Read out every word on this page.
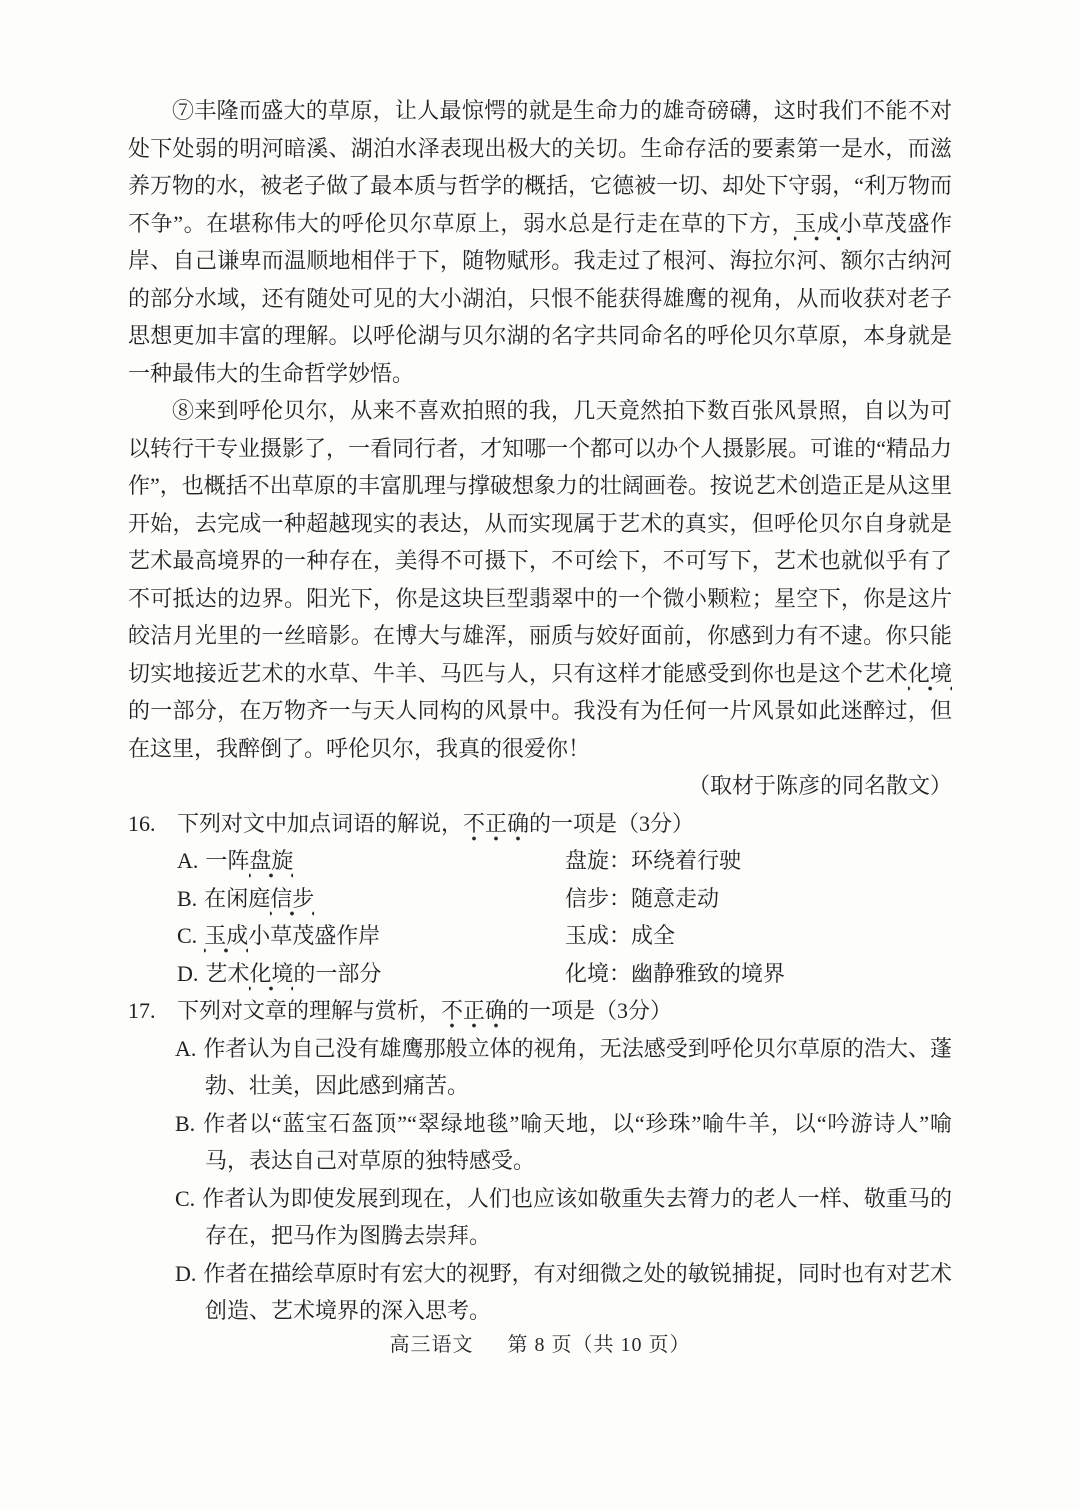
⑦丰隆而盛大的草原，让人最惊愕的就是生命力的雄奇磅礴，这时我们不能不对处下处弱的明河暗溪、湖泊水泽表现出极大的关切。生命存活的要素第一是水，而滋养万物的水，被老子做了最本质与哲学的概括，它德被一切、却处下守弱，“利万物而不争”。在堪称伟大的呼伦贝尔草原上，弱水总是行走在草的下方，玉成小草茂盛作岸、自己谦卑而温顺地相伴于下，随物赋形。我走过了根河、海拉尔河、额尔古纳河的部分水域，还有随处可见的大小湖泊，只恨不能获得雄鹰的视角，从而收获对老子思想更加丰富的理解。以呼伦湖与贝尔湖的名字共同命名的呼伦贝尔草原，本身就是一种最伟大的生命哲学妙悟。

⑧来到呼伦贝尔，从来不喜欢拍照的我，几天竟然拍下数百张风景照，自以为可以转行干专业摄影了，一看同行者，才知哪一个都可以办个人摄影展。可谁的“精品力作”，也概括不出草原的丰富肌理与撑破想象力的壮阔画卷。按说艺术创造正是从这里开始，去完成一种超越现实的表达，从而实现属于艺术的真实，但呼伦贝尔自身就是艺术最高境界的一种存在，美得不可摄下，不可绘下，不可写下，艺术也就似乎有了不可抵达的边界。阳光下，你是这块巨型翡翠中的一个微小颗粒；星空下，你是这片皎洁月光里的一丝暗影。在博大与雄浑，丽质与姣好面前，你感到力有不逮。你只能切实地接近艺术的水草、牛羊、马匹与人，只有这样才能感受到你也是这个艺术化境的一部分，在万物齐一与天人同构的风景中。我没有为任何一片风景如此迷醉过，但在这里，我醉倒了。呼伦贝尔，我真的很爱你！

（取材于陈彦的同名散文）

16. 下列对文中加点词语的解说，不正确的一项是（3分）

A. 一阵盘旋	盘旋：环绕着行驶
B. 在闲庭信步	信步：随意走动
C. 玉成小草茂盛作岸	玉成：成全
D. 艺术化境的一部分	化境：幽静雅致的境界

17. 下列对文章的理解与赏析，不正确的一项是（3分）

A. 作者认为自己没有雄鹰那般立体的视角，无法感受到呼伦贝尔草原的浩大、蓬勃、壮美，因此感到痛苦。

B. 作者以“蓝宝石盔顶”“翠绿地毯”喻天地，以“珍珠”喻牛羊，以“吟游诗人”喻马，表达自己对草原的独特感受。

C. 作者认为即使发展到现在，人们也应该如敬重失去膂力的老人一样、敬重马的存在，把马作为图腾去崇拜。

D. 作者在描绘草原时有宏大的视野，有对细微之处的敏锐捕捉，同时也有对艺术创造、艺术境界的深入思考。

高三语文 第 8 页（共 10 页）
